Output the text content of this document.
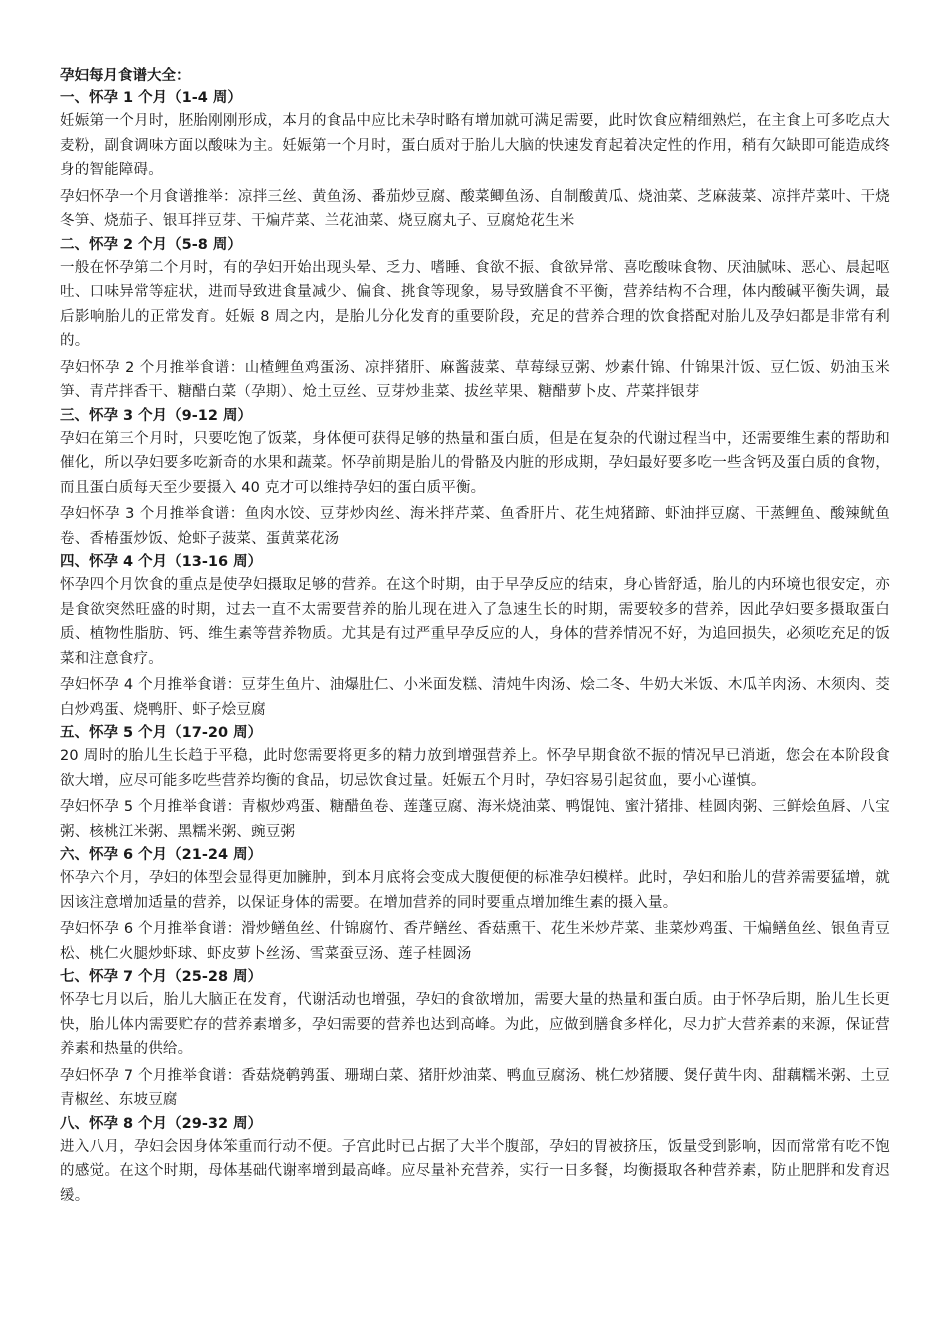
孕妇每月食谱大全：

一、怀孕 1 个月（1-4 周）

妊娠第一个月时，胚胎刚刚形成，本月的食品中应比未孕时略有增加就可满足需要，此时饮食应精细熟烂，在主食上可多吃点大麦粉，副食调味方面以酸味为主。妊娠第一个月时，蛋白质对于胎儿大脑的快速发育起着决定性的作用，稍有欠缺即可能造成终身的智能障碍。

孕妇怀孕一个月食谱推举：凉拌三丝、黄鱼汤、番茄炒豆腐、酸菜鲫鱼汤、自制酸黄瓜、烧油菜、芝麻菠菜、凉拌芹菜叶、干烧冬笋、烧茄子、银耳拌豆芽、干煸芹菜、兰花油菜、烧豆腐丸子、豆腐炝花生米

二、怀孕 2 个月（5-8 周）

一般在怀孕第二个月时，有的孕妇开始出现头晕、乏力、嗜睡、食欲不振、食欲异常、喜吃酸味食物、厌油腻味、恶心、晨起呕吐、口味异常等症状，进而导致进食量减少、偏食、挑食等现象，易导致膳食不平衡，营养结构不合理，体内酸碱平衡失调，最后影响胎儿的正常发育。妊娠 8 周之内，是胎儿分化发育的重要阶段，充足的营养合理的饮食搭配对胎儿及孕妇都是非常有利的。

孕妇怀孕 2 个月推举食谱：山楂鲤鱼鸡蛋汤、凉拌猪肝、麻酱菠菜、草莓绿豆粥、炒素什锦、什锦果汁饭、豆仁饭、奶油玉米笋、青芹拌香干、糖醋白菜（孕期）、炝土豆丝、豆芽炒韭菜、拔丝苹果、糖醋萝卜皮、芹菜拌银芽

三、怀孕 3 个月（9-12 周）

孕妇在第三个月时，只要吃饱了饭菜，身体便可获得足够的热量和蛋白质，但是在复杂的代谢过程当中，还需要维生素的帮助和催化，所以孕妇要多吃新奇的水果和蔬菜。怀孕前期是胎儿的骨骼及内脏的形成期，孕妇最好要多吃一些含钙及蛋白质的食物，而且蛋白质每天至少要摄入 40 克才可以维持孕妇的蛋白质平衡。

孕妇怀孕 3 个月推举食谱：鱼肉水饺、豆芽炒肉丝、海米拌芹菜、鱼香肝片、花生炖猪蹄、虾油拌豆腐、干蒸鲤鱼、酸辣鱿鱼卷、香椿蛋炒饭、炝虾子菠菜、蛋黄菜花汤

四、怀孕 4 个月（13-16 周）

怀孕四个月饮食的重点是使孕妇摄取足够的营养。在这个时期，由于早孕反应的结束，身心皆舒适，胎儿的内环境也很安定，亦是食欲突然旺盛的时期，过去一直不太需要营养的胎儿现在进入了急速生长的时期，需要较多的营养，因此孕妇要多摄取蛋白质、植物性脂肪、钙、维生素等营养物质。尤其是有过严重早孕反应的人，身体的营养情况不好，为追回损失，必须吃充足的饭菜和注意食疗。

孕妇怀孕 4 个月推举食谱：豆芽生鱼片、油爆肚仁、小米面发糕、清炖牛肉汤、烩二冬、牛奶大米饭、木瓜羊肉汤、木须肉、茭白炒鸡蛋、烧鸭肝、虾子烩豆腐

五、怀孕 5 个月（17-20 周）

20 周时的胎儿生长趋于平稳，此时您需要将更多的精力放到增强营养上。怀孕早期食欲不振的情况早已消逝，您会在本阶段食欲大增，应尽可能多吃些营养均衡的食品，切忌饮食过量。妊娠五个月时，孕妇容易引起贫血，要小心谨慎。

孕妇怀孕 5 个月推举食谱：青椒炒鸡蛋、糖醋鱼卷、莲蓬豆腐、海米烧油菜、鸭馄饨、蜜汁猪排、桂圆肉粥、三鲜烩鱼唇、八宝粥、核桃江米粥、黑糯米粥、豌豆粥

六、怀孕 6 个月（21-24 周）

怀孕六个月，孕妇的体型会显得更加臃肿，到本月底将会变成大腹便便的标准孕妇模样。此时，孕妇和胎儿的营养需要猛增，就因该注意增加适量的营养，以保证身体的需要。在增加营养的同时要重点增加维生素的摄入量。

孕妇怀孕 6 个月推举食谱：滑炒鳝鱼丝、什锦腐竹、香芹鳝丝、香菇熏干、花生米炒芹菜、韭菜炒鸡蛋、干煸鳝鱼丝、银鱼青豆松、桃仁火腿炒虾球、虾皮萝卜丝汤、雪菜蚕豆汤、莲子桂圆汤

七、怀孕 7 个月（25-28 周）

怀孕七月以后，胎儿大脑正在发育，代谢活动也增强，孕妇的食欲增加，需要大量的热量和蛋白质。由于怀孕后期，胎儿生长更快，胎儿体内需要贮存的营养素增多，孕妇需要的营养也达到高峰。为此，应做到膳食多样化，尽力扩大营养素的来源，保证营养素和热量的供给。

孕妇怀孕 7 个月推举食谱：香菇烧鹌鹑蛋、珊瑚白菜、猪肝炒油菜、鸭血豆腐汤、桃仁炒猪腰、煲仔黄牛肉、甜藕糯米粥、土豆青椒丝、东坡豆腐

八、怀孕 8 个月（29-32 周）

进入八月，孕妇会因身体笨重而行动不便。子宫此时已占据了大半个腹部，孕妇的胃被挤压，饭量受到影响，因而常常有吃不饱的感觉。在这个时期，母体基础代谢率增到最高峰。应尽量补充营养，实行一日多餐，均衡摄取各种营养素，防止肥胖和发育迟缓。
